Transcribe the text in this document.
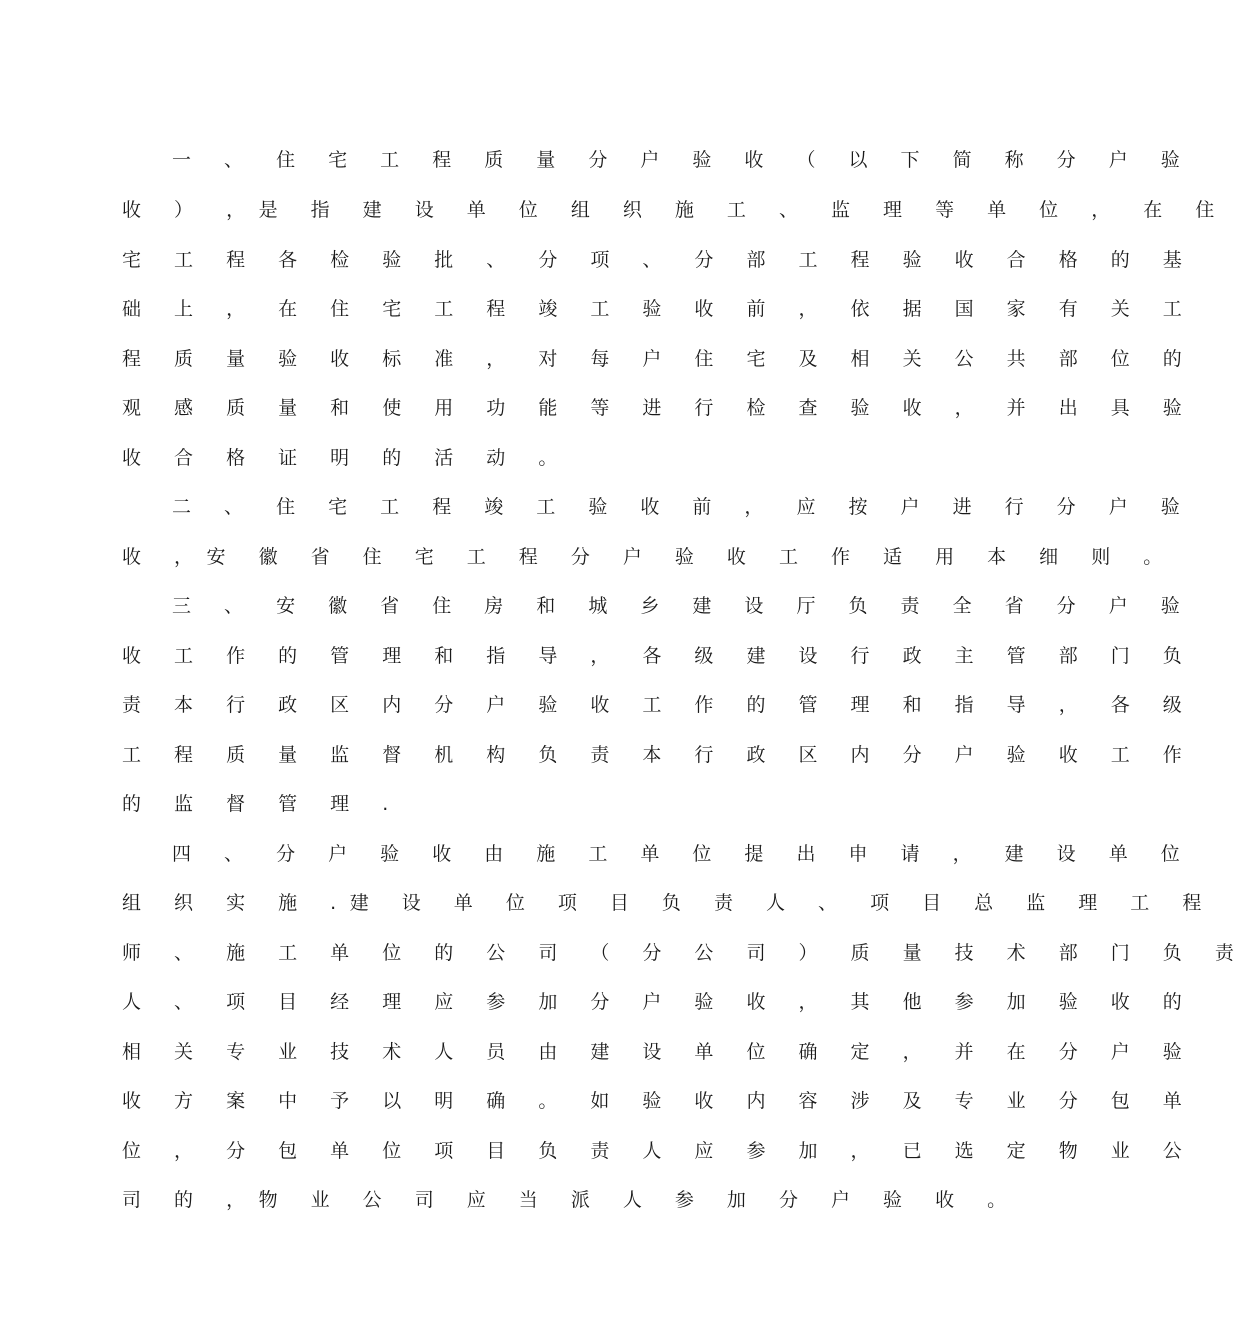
一 、 住 宅 工 程 质 量 分 户 验 收 （ 以 下 简 称 分 户 验
收 ） ，是 指 建 设 单 位 组 织 施 工 、 监 理 等 单 位 ， 在 住
宅 工 程 各 检 验 批 、 分 项 、 分 部 工 程 验 收 合 格 的 基
础 上 ， 在 住 宅 工 程 竣 工 验 收 前 ， 依 据 国 家 有 关 工
程 质 量 验 收 标 准 ， 对 每 户 住 宅 及 相 关 公 共 部 位 的
观 感 质 量 和 使 用 功 能 等 进 行 检 查 验 收 ， 并 出 具 验
收 合 格 证 明 的 活 动 。
二 、 住 宅 工 程 竣 工 验 收 前 ， 应 按 户 进 行 分 户 验
收 ，安 徽 省 住 宅 工 程 分 户 验 收 工 作 适 用 本 细 则 。
三 、 安 徽 省 住 房 和 城 乡 建 设 厅 负 责 全 省 分 户 验
收 工 作 的 管 理 和 指 导 ， 各 级 建 设 行 政 主 管 部 门 负
责 本 行 政 区 内 分 户 验 收 工 作 的 管 理 和 指 导 ， 各 级
工 程 质 量 监 督 机 构 负 责 本 行 政 区 内 分 户 验 收 工 作
的 监 督 管 理 .
四 、 分 户 验 收 由 施 工 单 位 提 出 申 请 ， 建 设 单 位
组 织 实 施 .建 设 单 位 项 目 负 责 人 、 项 目 总 监 理 工 程
师 、 施 工 单 位 的 公 司 （ 分 公 司 ） 质 量 技 术 部 门 负 责
人 、 项 目 经 理 应 参 加 分 户 验 收 ， 其 他 参 加 验 收 的
相 关 专 业 技 术 人 员 由 建 设 单 位 确 定 ， 并 在 分 户 验
收 方 案 中 予 以 明 确 。 如 验 收 内 容 涉 及 专 业 分 包 单
位 ， 分 包 单 位 项 目 负 责 人 应 参 加 ， 已 选 定 物 业 公
司 的 ，物 业 公 司 应 当 派 人 参 加 分 户 验 收 。
